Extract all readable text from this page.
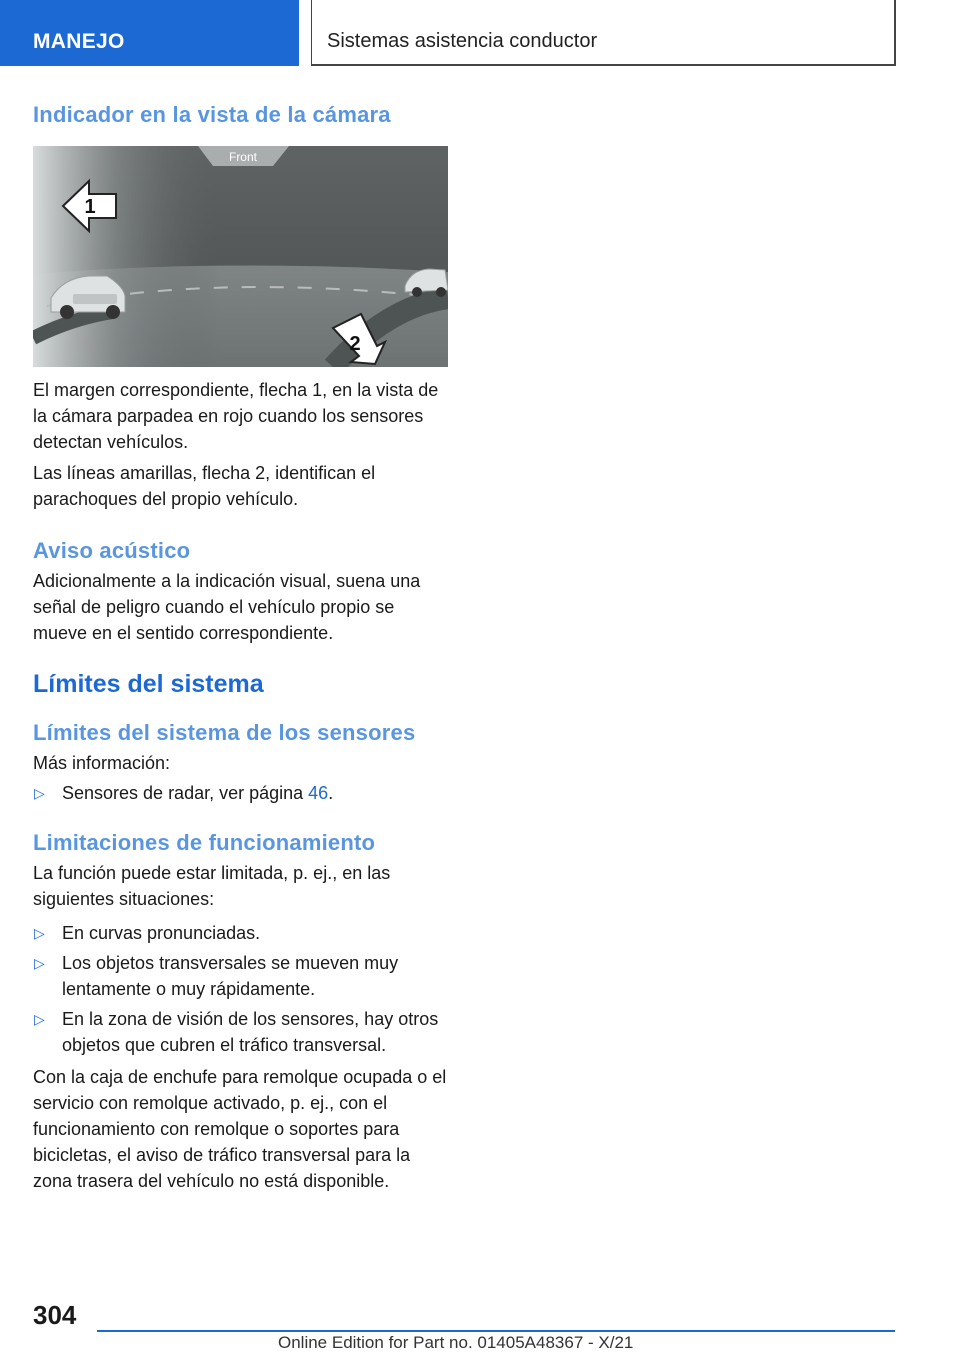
MANEJO	Sistemas asistencia conductor
Indicador en la vista de la cámara
Front
1
2

El margen correspondiente, flecha 1, en la vista de la cámara parpadea en rojo cuando los sensores detectan vehículos.

Las líneas amarillas, flecha 2, identifican el parachoques del propio vehículo.

Aviso acústico

Adicionalmente a la indicación visual, suena una señal de peligro cuando el vehículo propio se mueve en el sentido correspondiente.

Límites del sistema
Límites del sistema de los sensores

Más información:

▷ Sensores de radar, ver página 46.
Limitaciones de funcionamiento

La función puede estar limitada, p. ej., en las siguientes situaciones:

▷ En curvas pronunciadas.
▷ Los objetos transversales se mueven muy lentamente o muy rápidamente.
▷ En la zona de visión de los sensores, hay otros objetos que cubren el tráfico transversal.

Con la caja de enchufe para remolque ocupada o el servicio con remolque activado, p. ej., con el funcionamiento con remolque o soportes para bicicletas, el aviso de tráfico transversal para la zona trasera del vehículo no está disponible.

304
Online Edition for Part no. 01405A48367 - X/21
